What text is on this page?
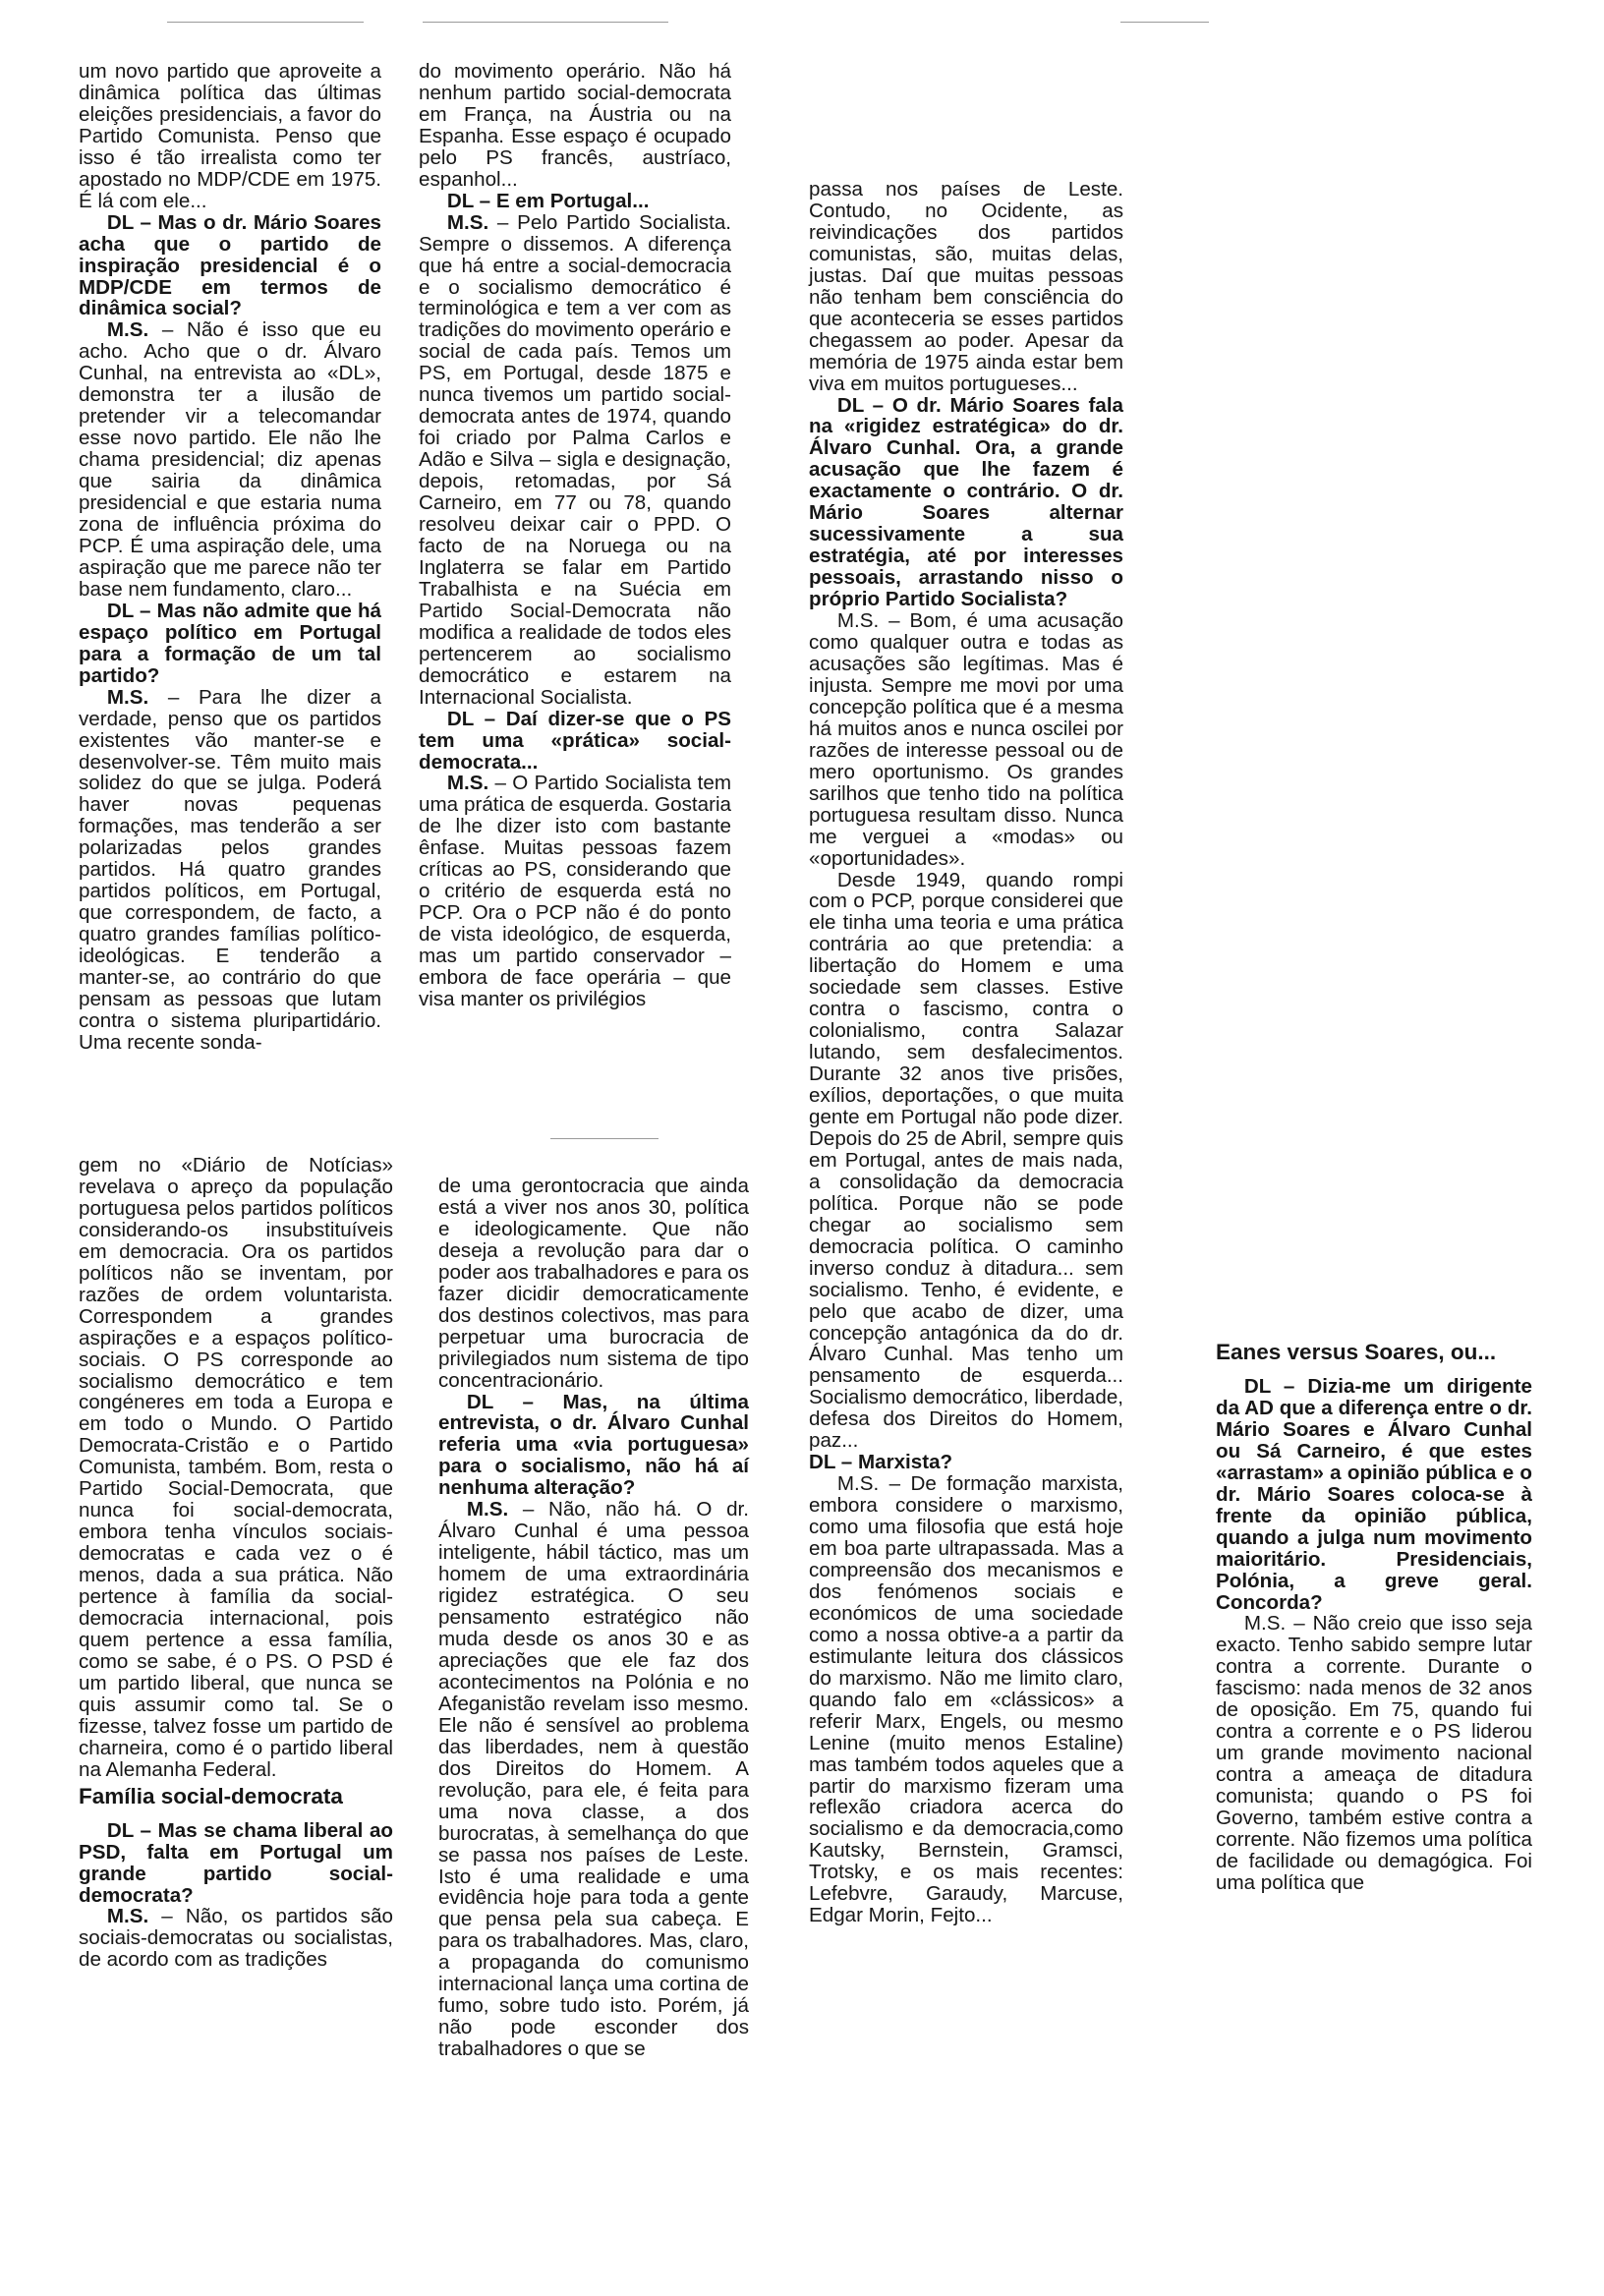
um novo partido que aproveite a dinâmica política das últimas eleições presidenciais, a favor do Partido Comunista. Penso que isso é tão irrealista como ter apostado no MDP/CDE em 1975. É lá com ele...

DL – Mas o dr. Mário Soares acha que o partido de inspiração presidencial é o MDP/CDE em termos de dinâmica social?

M.S. – Não é isso que eu acho. Acho que o dr. Álvaro Cunhal, na entrevista ao «DL», demonstra ter a ilusão de pretender vir a telecomandar esse novo partido. Ele não lhe chama presidencial; diz apenas que sairia da dinâmica presidencial e que estaria numa zona de influência próxima do PCP. É uma aspiração dele, uma aspiração que me parece não ter base nem fundamento, claro...

DL – Mas não admite que há espaço político em Portugal para a formação de um tal partido?

M.S. – Para lhe dizer a verdade, penso que os partidos existentes vão manter-se e desenvolver-se. Têm muito mais solidez do que se julga. Poderá haver novas pequenas formações, mas tenderão a ser polarizadas pelos grandes partidos. Há quatro grandes partidos políticos, em Portugal, que correspondem, de facto, a quatro grandes famílias político-ideológicas. E tenderão a manter-se, ao contrário do que pensam as pessoas que lutam contra o sistema pluripartidário. Uma recente sonda-

do movimento operário. Não há nenhum partido social-democrata em França, na Áustria ou na Espanha. Esse espaço é ocupado pelo PS francês, austríaco, espanhol...

DL – E em Portugal...

M.S. – Pelo Partido Socialista. Sempre o dissemos. A diferença que há entre a social-democracia e o socialismo democrático é terminológica e tem a ver com as tradições do movimento operário e social de cada país. Temos um PS, em Portugal, desde 1875 e nunca tivemos um partido social-democrata antes de 1974, quando foi criado por Palma Carlos e Adão e Silva – sigla e designação, depois, retomadas, por Sá Carneiro, em 77 ou 78, quando resolveu deixar cair o PPD. O facto de na Noruega ou na Inglaterra se falar em Partido Trabalhista e na Suécia em Partido Social-Democrata não modifica a realidade de todos eles pertencerem ao socialismo democrático e estarem na Internacional Socialista.

DL – Daí dizer-se que o PS tem uma «prática» social-democrata...

M.S. – O Partido Socialista tem uma prática de esquerda. Gostaria de lhe dizer isto com bastante ênfase. Muitas pessoas fazem críticas ao PS, considerando que o critério de esquerda está no PCP. Ora o PCP não é do ponto de vista ideológico, de esquerda, mas um partido conservador – embora de face operária – que visa manter os privilégios

passa nos países de Leste. Contudo, no Ocidente, as reivindicações dos partidos comunistas, são, muitas delas, justas. Daí que muitas pessoas não tenham bem consciência do que aconteceria se esses partidos chegassem ao poder. Apesar da memória de 1975 ainda estar bem viva em muitos portugueses...

DL – O dr. Mário Soares fala na «rigidez estratégica» do dr. Álvaro Cunhal. Ora, a grande acusação que lhe fazem é exactamente o contrário. O dr. Mário Soares alternar sucessivamente a sua estratégia, até por interesses pessoais, arrastando nisso o próprio Partido Socialista?

M.S. – Bom, é uma acusação como qualquer outra e todas as acusações são legítimas. Mas é injusta. Sempre me movi por uma concepção política que é a mesma há muitos anos e nunca oscilei por razões de interesse pessoal ou de mero oportunismo. Os grandes sarilhos que tenho tido na política portuguesa resultam disso. Nunca me verguei a «modas» ou «oportunidades».

Desde 1949, quando rompi com o PCP, porque considerei que ele tinha uma teoria e uma prática contrária ao que pretendia: a libertação do Homem e uma sociedade sem classes. Estive contra o fascismo, contra o colonialismo, contra Salazar lutando, sem desfalecimentos. Durante 32 anos tive prisões, exílios, deportações, o que muita gente em Portugal não pode dizer. Depois do 25 de Abril, sempre quis em Portugal, antes de mais nada, a consolidação da democracia política. Porque não se pode chegar ao socialismo sem democracia política. O caminho inverso conduz à ditadura... sem socialismo. Tenho, é evidente, e pelo que acabo de dizer, uma concepção antagónica da do dr. Álvaro Cunhal. Mas tenho um pensamento de esquerda... Socialismo democrático, liberdade, defesa dos Direitos do Homem, paz...

DL – Marxista?

M.S. – De formação marxista, embora considere o marxismo, como uma filosofia que está hoje em boa parte ultrapassada. Mas a compreensão dos mecanismos e dos fenómenos sociais e económicos de uma sociedade como a nossa obtive-a a partir da estimulante leitura dos clássicos do marxismo. Não me limito claro, quando falo em «clássicos» a referir Marx, Engels, ou mesmo Lenine (muito menos Estaline) mas também todos aqueles que a partir do marxismo fizeram uma reflexão criadora acerca do socialismo e da democracia,como Kautsky, Bernstein, Gramsci, Trotsky, e os mais recentes: Lefebvre, Garaudy, Marcuse, Edgar Morin, Fejto...

gem no «Diário de Notícias» revelava o apreço da população portuguesa pelos partidos políticos considerando-os insubstituíveis em democracia. Ora os partidos políticos não se inventam, por razões de ordem voluntarista. Correspondem a grandes aspirações e a espaços político-sociais. O PS corresponde ao socialismo democrático e tem congéneres em toda a Europa e em todo o Mundo. O Partido Democrata-Cristão e o Partido Comunista, também. Bom, resta o Partido Social-Democrata, que nunca foi social-democrata, embora tenha vínculos sociais-democratas e cada vez o é menos, dada a sua prática. Não pertence à família da social-democracia internacional, pois quem pertence a essa família, como se sabe, é o PS. O PSD é um partido liberal, que nunca se quis assumir como tal. Se o fizesse, talvez fosse um partido de charneira, como é o partido liberal na Alemanha Federal.

Família social-democrata

DL – Mas se chama liberal ao PSD, falta em Portugal um grande partido social-democrata?

M.S. – Não, os partidos são sociais-democratas ou socialistas, de acordo com as tradições

de uma gerontocracia que ainda está a viver nos anos 30, política e ideologicamente. Que não deseja a revolução para dar o poder aos trabalhadores e para os fazer dicidir democraticamente dos destinos colectivos, mas para perpetuar uma burocracia de privilegiados num sistema de tipo concentracionário.

DL – Mas, na última entrevista, o dr. Álvaro Cunhal referia uma «via portuguesa» para o socialismo, não há aí nenhuma alteração?

M.S. – Não, não há. O dr. Álvaro Cunhal é uma pessoa inteligente, hábil táctico, mas um homem de uma extraordinária rigidez estratégica. O seu pensamento estratégico não muda desde os anos 30 e as apreciações que ele faz dos acontecimentos na Polónia e no Afeganistão revelam isso mesmo. Ele não é sensível ao problema das liberdades, nem à questão dos Direitos do Homem. A revolução, para ele, é feita para uma nova classe, a dos burocratas, à semelhança do que se passa nos países de Leste. Isto é uma realidade e uma evidência hoje para toda a gente que pensa pela sua cabeça. E para os trabalhadores. Mas, claro, a propaganda do comunismo internacional lança uma cortina de fumo, sobre tudo isto. Porém, já não pode esconder dos trabalhadores o que se

Eanes versus Soares, ou...

DL – Dizia-me um dirigente da AD que a diferença entre o dr. Mário Soares e Álvaro Cunhal ou Sá Carneiro, é que estes «arrastam» a opinião pública e o dr. Mário Soares coloca-se à frente da opinião pública, quando a julga num movimento maioritário. Presidenciais, Polónia, a greve geral. Concorda?

M.S. – Não creio que isso seja exacto. Tenho sabido sempre lutar contra a corrente. Durante o fascismo: nada menos de 32 anos de oposição. Em 75, quando fui contra a corrente e o PS liderou um grande movimento nacional contra a ameaça de ditadura comunista; quando o PS foi Governo, também estive contra a corrente. Não fizemos uma política de facilidade ou demagógica. Foi uma política que
